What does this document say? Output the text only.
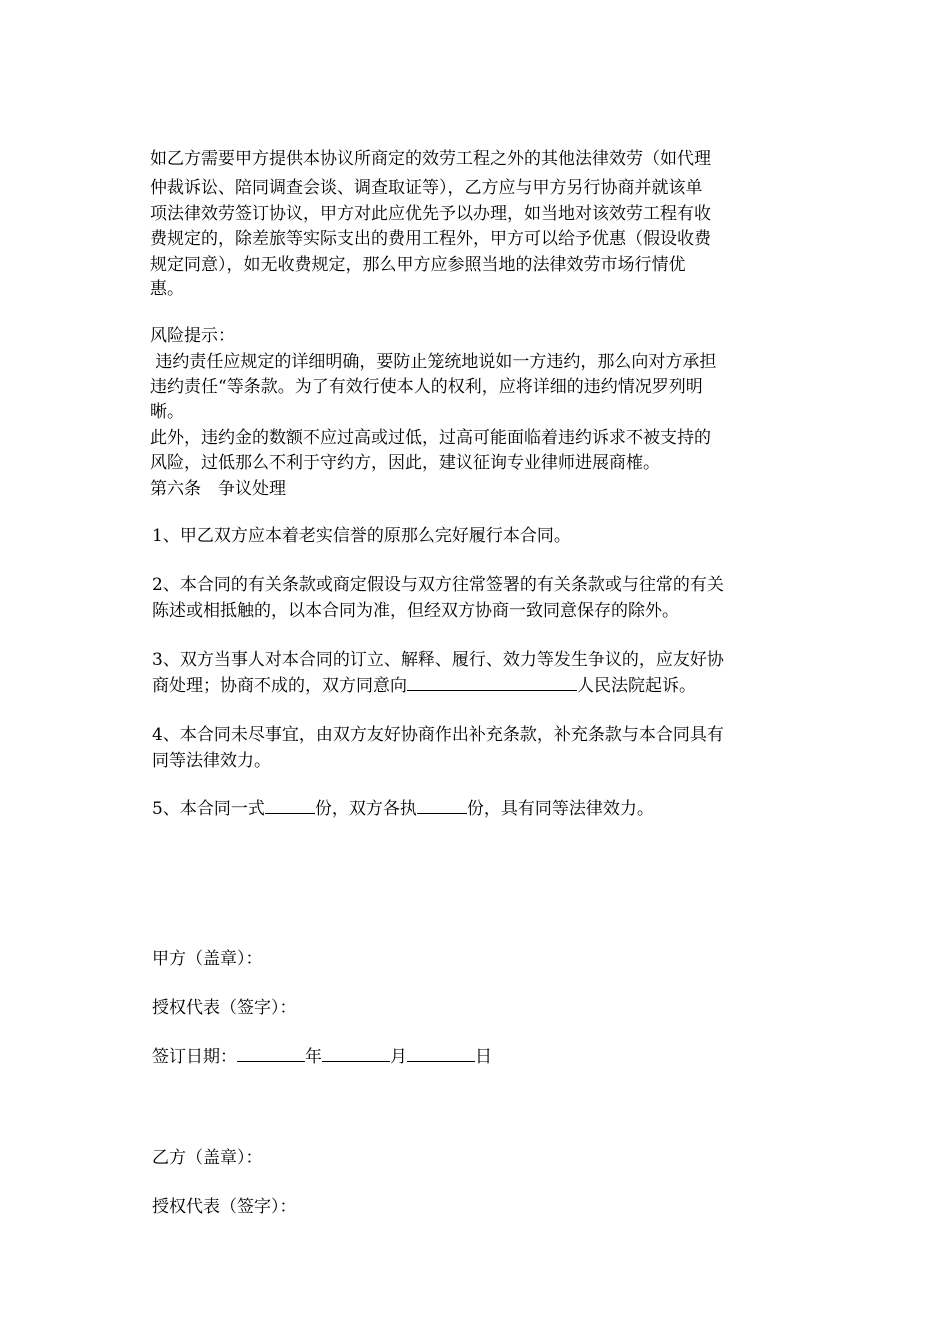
如乙方需要甲方提供本协议所商定的效劳工程之外的其他法律效劳（如代理
仲裁诉讼、陪同调查会谈、调查取证等），乙方应与甲方另行协商并就该单
项法律效劳签订协议，甲方对此应优先予以办理，如当地对该效劳工程有收
费规定的，除差旅等实际支出的费用工程外，甲方可以给予优惠（假设收费
规定同意），如无收费规定，那么甲方应参照当地的法律效劳市场行情优
惠。
风险提示：
违约责任应规定的详细明确，要防止笼统地说如一方违约，那么向对方承担
违约责任“等条款。为了有效行使本人的权利，应将详细的违约情况罗列明
晰。
此外，违约金的数额不应过高或过低，过高可能面临着违约诉求不被支持的
风险，过低那么不利于守约方，因此，建议征询专业律师进展商榷。
第六条　争议处理
1、甲乙双方应本着老实信誉的原那么完好履行本合同。
2、本合同的有关条款或商定假设与双方往常签署的有关条款或与往常的有关
陈述或相抵触的，以本合同为准，但经双方协商一致同意保存的除外。
3、双方当事人对本合同的订立、解释、履行、效力等发生争议的，应友好协
商处理；协商不成的，双方同意向	人民法院起诉。
4、本合同未尽事宜，由双方友好协商作出补充条款，补充条款与本合同具有
同等法律效力。
5、本合同一式	份，双方各执	份，具有同等法律效力。
甲方（盖章）：
授权代表（签字）：
签订日期：	年	月	日
乙方（盖章）：
授权代表（签字）：
